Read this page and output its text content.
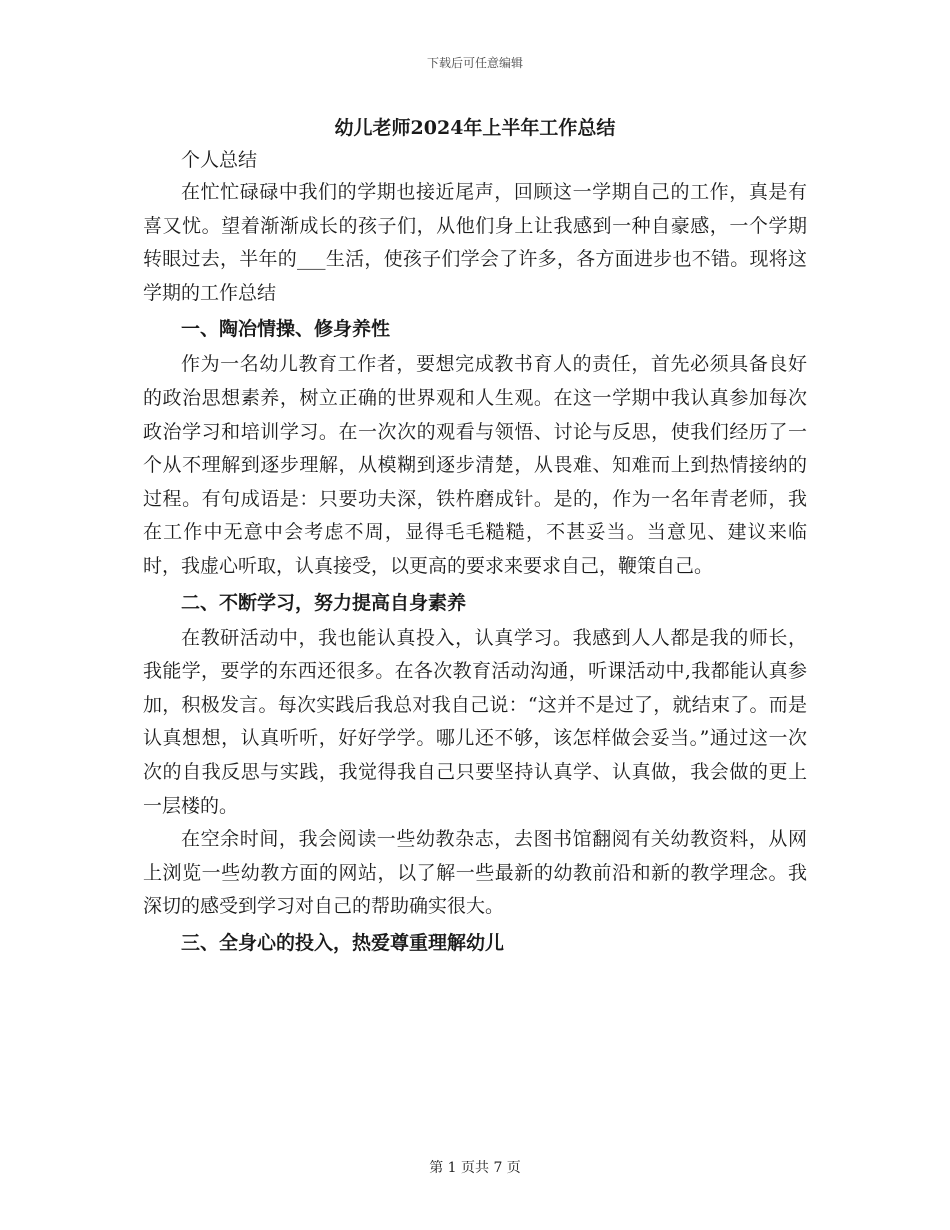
下载后可任意编辑
幼儿老师2024年上半年工作总结

个人总结

在忙忙碌碌中我们的学期也接近尾声，回顾这一学期自己的工作，真是有喜又忧。望着渐渐成长的孩子们，从他们身上让我感到一种自豪感，一个学期转眼过去，半年的___生活，使孩子们学会了许多，各方面进步也不错。现将这学期的工作总结

一、陶冶情操、修身养性

作为一名幼儿教育工作者，要想完成教书育人的责任，首先必须具备良好的政治思想素养，树立正确的世界观和人生观。在这一学期中我认真参加每次政治学习和培训学习。在一次次的观看与领悟、讨论与反思，使我们经历了一个从不理解到逐步理解，从模糊到逐步清楚，从畏难、知难而上到热情接纳的过程。有句成语是：只要功夫深，铁杵磨成针。是的，作为一名年青老师，我在工作中无意中会考虑不周，显得毛毛糙糙，不甚妥当。当意见、建议来临时，我虚心听取，认真接受，以更高的要求来要求自己，鞭策自己。

二、不断学习，努力提高自身素养

在教研活动中，我也能认真投入，认真学习。我感到人人都是我的师长，我能学，要学的东西还很多。在各次教育活动沟通，听课活动中,我都能认真参加，积极发言。每次实践后我总对我自己说：“这并不是过了，就结束了。而是认真想想，认真听听，好好学学。哪儿还不够，该怎样做会妥当。”通过这一次次的自我反思与实践，我觉得我自己只要坚持认真学、认真做，我会做的更上一层楼的。

在空余时间，我会阅读一些幼教杂志，去图书馆翻阅有关幼教资料，从网上浏览一些幼教方面的网站，以了解一些最新的幼教前沿和新的教学理念。我深切的感受到学习对自己的帮助确实很大。

三、全身心的投入，热爱尊重理解幼儿
第 1 页共 7 页
